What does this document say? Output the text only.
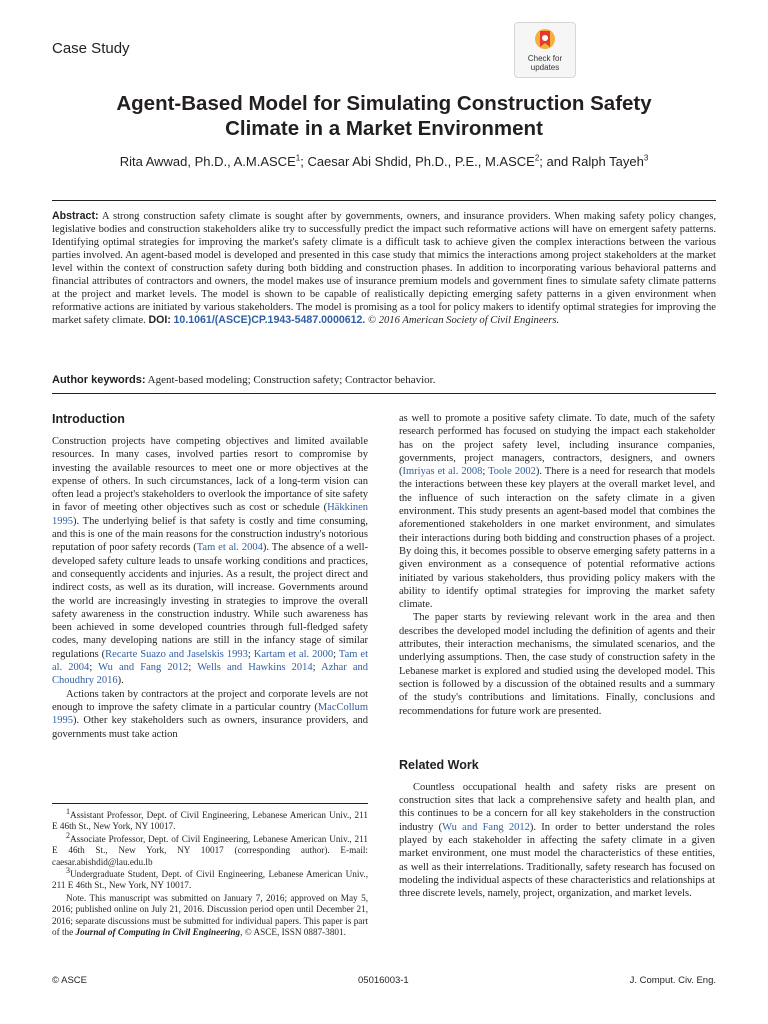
Case Study
Check for
updates
Agent-Based Model for Simulating Construction Safety
Climate in a Market Environment
Rita Awwad, Ph.D., A.M.ASCE$^1$; Caesar Abi Shdid, Ph.D., P.E., M.ASCE$^2$; and Ralph Tayeh$^3$
Abstract: A strong construction safety climate is sought after by governments, owners, and insurance providers. When making safety policy changes, legislative bodies and construction stakeholders alike try to successfully predict the impact such reformative actions will have on emergent safety patterns. Identifying optimal strategies for improving the market's safety climate is a difficult task to achieve given the complex interactions between the various parties involved. An agent-based model is developed and presented in this case study that mimics the interactions among project stakeholders at the market level within the context of construction safety during both bidding and construction phases. In addition to incorporating various behavioral patterns and financial attributes of contractors and owners, the model makes use of insurance premium models and government fines to simulate safety climate patterns at the project and market levels. The model is shown to be capable of realistically depicting emerging safety patterns in a given environment when reformative actions are initiated by various stakeholders. The model is promising as a tool for policy makers to identify optimal strategies for improving the market safety climate. DOI: 10.1061/(ASCE)CP.1943-5487.0000612. © 2016 American Society of Civil Engineers.
Author keywords: Agent-based modeling; Construction safety; Contractor behavior.
Introduction

Construction projects have competing objectives and limited available resources. In many cases, involved parties resort to compromise by investing the available resources to meet one or more objectives at the expense of others. In such circumstances, lack of a long-term vision can often lead a project's stakeholders to overlook the importance of site safety in favor of meeting other objectives such as cost or schedule (Häkkinen 1995). The underlying belief is that safety is costly and time consuming, and this is one of the main reasons for the construction industry's notorious reputation of poor safety records (Tam et al. 2004). The absence of a well-developed safety culture leads to unsafe working conditions and practices, and consequently accidents and injuries. As a result, the project direct and indirect costs, as well as its duration, will increase. Governments around the world are increasingly investing in strategies to improve the overall safety awareness in the construction industry. While such awareness has been achieved in some developed countries through full-fledged safety codes, many developing nations are still in the infancy stage of similar regulations (Recarte Suazo and Jaselskis 1993; Kartam et al. 2000; Tam et al. 2004; Wu and Fang 2012; Wells and Hawkins 2014; Azhar and Choudhry 2016).

Actions taken by contractors at the project and corporate levels are not enough to improve the safety climate in a particular country (MacCollum 1995). Other key stakeholders such as owners, insurance providers, and governments must take action

$^1$Assistant Professor, Dept. of Civil Engineering, Lebanese American Univ., 211 E 46th St., New York, NY 10017.

$^2$Associate Professor, Dept. of Civil Engineering, Lebanese American Univ., 211 E 46th St., New York, NY 10017 (corresponding author). E-mail: caesar.abishdid@lau.edu.lb

$^3$Undergraduate Student, Dept. of Civil Engineering, Lebanese American Univ., 211 E 46th St., New York, NY 10017.

Note. This manuscript was submitted on January 7, 2016; approved on May 5, 2016; published online on July 21, 2016. Discussion period open until December 21, 2016; separate discussions must be submitted for individual papers. This paper is part of the Journal of Computing in Civil Engineering, © ASCE, ISSN 0887-3801.

as well to promote a positive safety climate. To date, much of the safety research performed has focused on studying the impact each stakeholder has on the project safety level, including insurance companies, governments, project managers, contractors, designers, and owners (Imriyas et al. 2008; Toole 2002). There is a need for research that models the interactions between these key players at the overall market level, and the influence of such interaction on the safety climate in a given environment. This study presents an agent-based model that combines the aforementioned stakeholders in one market environment, and simulates their interactions during both bidding and construction phases of a project. By doing this, it becomes possible to observe emerging safety patterns in a given environment as a consequence of potential reformative actions initiated by various stakeholders, thus providing policy makers with the ability to identify optimal strategies for improving the market safety climate.

The paper starts by reviewing relevant work in the area and then describes the developed model including the definition of agents and their attributes, their interaction mechanisms, the simulated scenarios, and the underlying assumptions. Then, the case study of construction safety in the Lebanese market is explored and studied using the developed model. This section is followed by a discussion of the obtained results and a summary of the study's contributions and limitations. Finally, conclusions and recommendations for future work are presented.

Related Work

Countless occupational health and safety risks are present on construction sites that lack a comprehensive safety and health plan, and this continues to be a concern for all key stakeholders in the construction industry (Wu and Fang 2012). In order to better understand the roles played by each stakeholder in affecting the safety climate in a given market environment, one must model the characteristics of these entities, as well as their interrelations. Traditionally, safety research has focused on modeling the individual aspects of these characteristics and relationships at three discrete levels, namely, project, organization, and market levels.

© ASCE	05016003-1	J. Comput. Civ. Eng.
